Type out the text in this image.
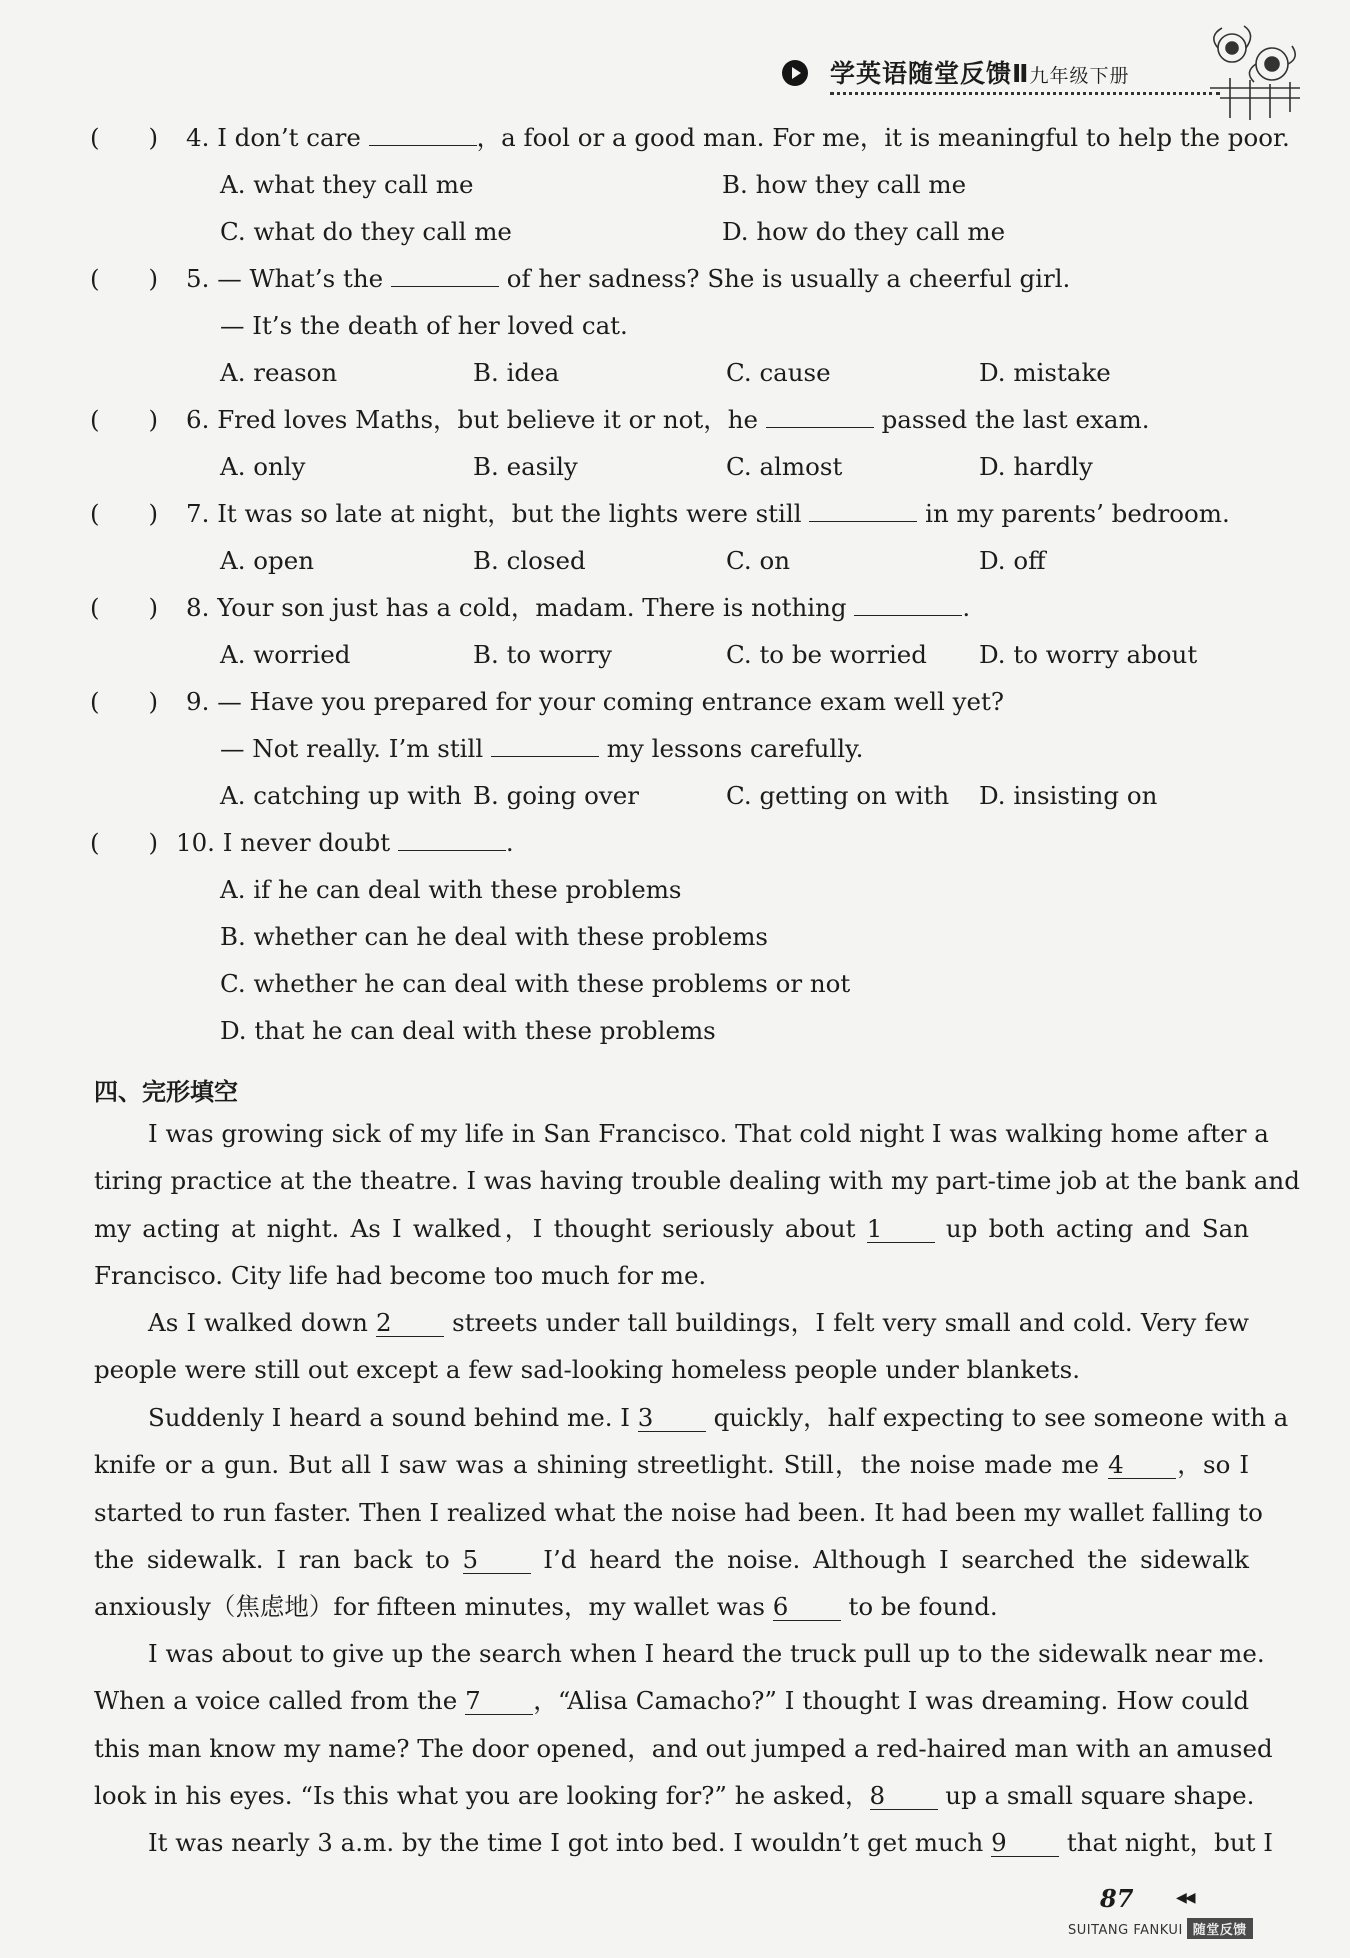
学英语随堂反馈Ⅱ九年级下册
(　　) 4. I don’t care	，a fool or a good man. For me，it is meaningful to help the poor.
A. what they call me	B. how they call me
C. what do they call me	D. how do they call me
(　　) 5. — What’s the	of her sadness? She is usually a cheerful girl.
— It’s the death of her loved cat.
A. reason	B. idea	C. cause	D. mistake
(　　) 6. Fred loves Maths，but believe it or not，he	passed the last exam.
A. only	B. easily	C. almost	D. hardly
(　　) 7. It was so late at night，but the lights were still	in my parents’ bedroom.
A. open	B. closed	C. on	D. off
(　　) 8. Your son just has a cold，madam. There is nothing	.
A. worried	B. to worry	C. to be worried D. to worry about
(　　) 9. — Have you prepared for your coming entrance exam well yet?
— Not really. I’m still	my lessons carefully.
A. catching up with B. going over	C. getting on with D. insisting on
(　　) 10. I never doubt	.
A. if he can deal with these problems
B. whether can he deal with these problems
C. whether he can deal with these problems or not
D. that he can deal with these problems
四、完形填空
I was growing sick of my life in San Francisco. That cold night I was walking home after a
tiring practice at the theatre. I was having trouble dealing with my part-time job at the bank and
my acting at night. As I walked，I thought seriously about 1 up both acting and San
Francisco. City life had become too much for me.
As I walked down 2 streets under tall buildings，I felt very small and cold. Very few
people were still out except a few sad-looking homeless people under blankets.
Suddenly I heard a sound behind me. I 3 quickly，half expecting to see someone with a
knife or a gun. But all I saw was a shining streetlight. Still，the noise made me 4 ，so I
started to run faster. Then I realized what the noise had been. It had been my wallet falling to
the sidewalk. I ran back to 5 I’d heard the noise. Although I searched the sidewalk
anxiously（焦虑地）for fifteen minutes，my wallet was 6 to be found.
I was about to give up the search when I heard the truck pull up to the sidewalk near me.
When a voice called from the 7 ，“Alisa Camacho?” I thought I was dreaming. How could
this man know my name? The door opened，and out jumped a red-haired man with an amused
look in his eyes. “Is this what you are looking for?” he asked，8 up a small square shape.
It was nearly 3 a.m. by the time I got into bed. I wouldn’t get much 9 that night，but I
87	◀◀
SUITANG FANKUI 随堂反馈
